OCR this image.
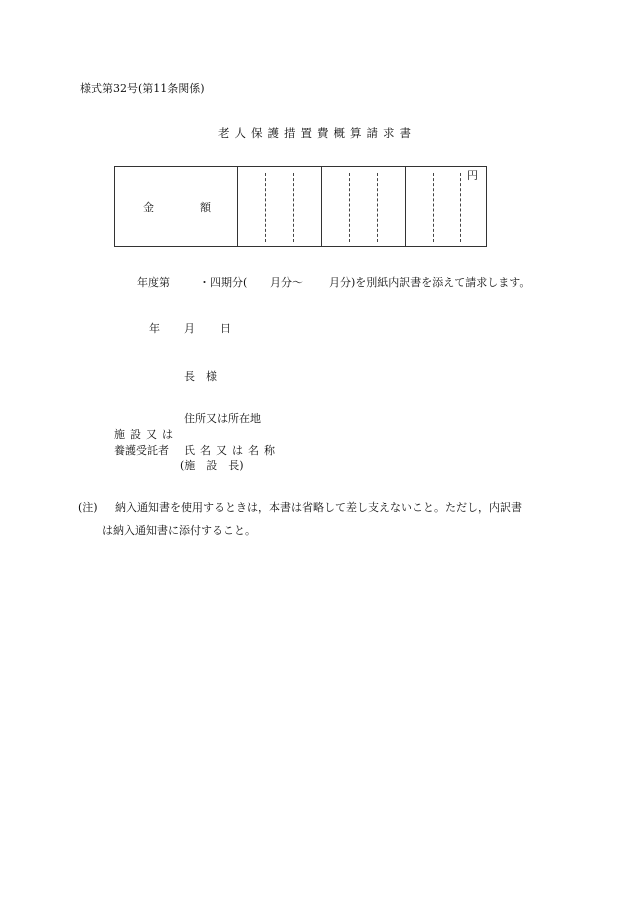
様式第32号(第11条関係)
老人保護措置費概算請求書
金	額
円
年度第	・四期分( 月分〜 月分)を別紙内訳書を添えて請求します。
年 月 日
長　様
住所又は所在地
施設又は
養護受託者 氏名又は名称
(施　設　長)
(注) 納入通知書を使用するときは，本書は省略して差し支えないこと。ただし，内訳書
は納入通知書に添付すること。
